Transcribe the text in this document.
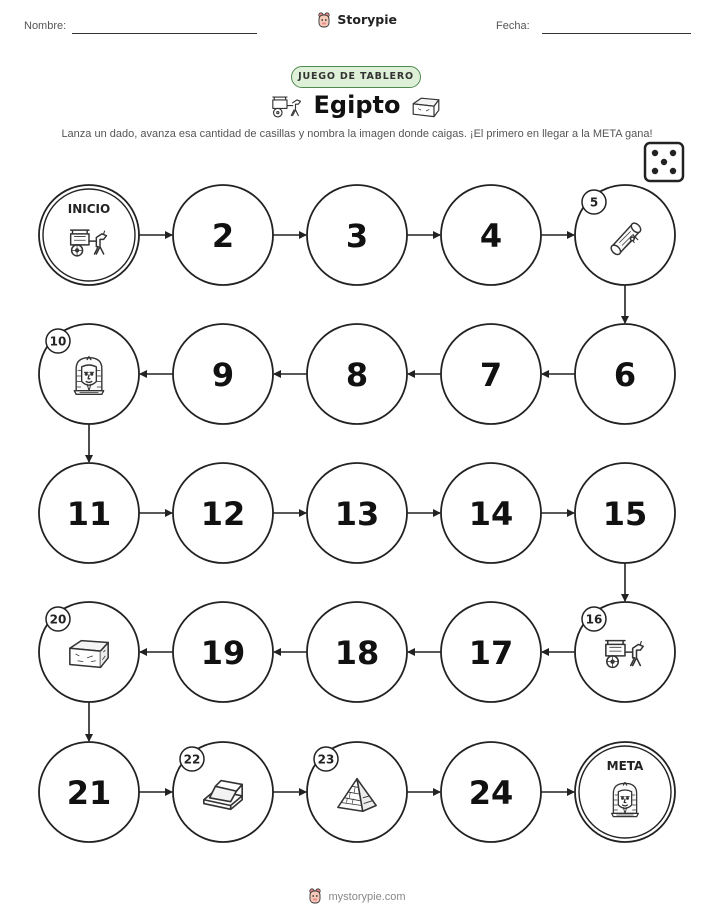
Nombre:	Storypie	Fecha:
JUEGO DE TABLERO
Egipto
Lanza un dado, avanza esa cantidad de casillas y nombra la imagen donde caigas. ¡El primero en llegar a la META gana!
INICIO
2	3	4
5
6
7
8
9
10
11	12	13	14	15
16
17
18
19
20
21
22	23
24
META
mystorypie.com
